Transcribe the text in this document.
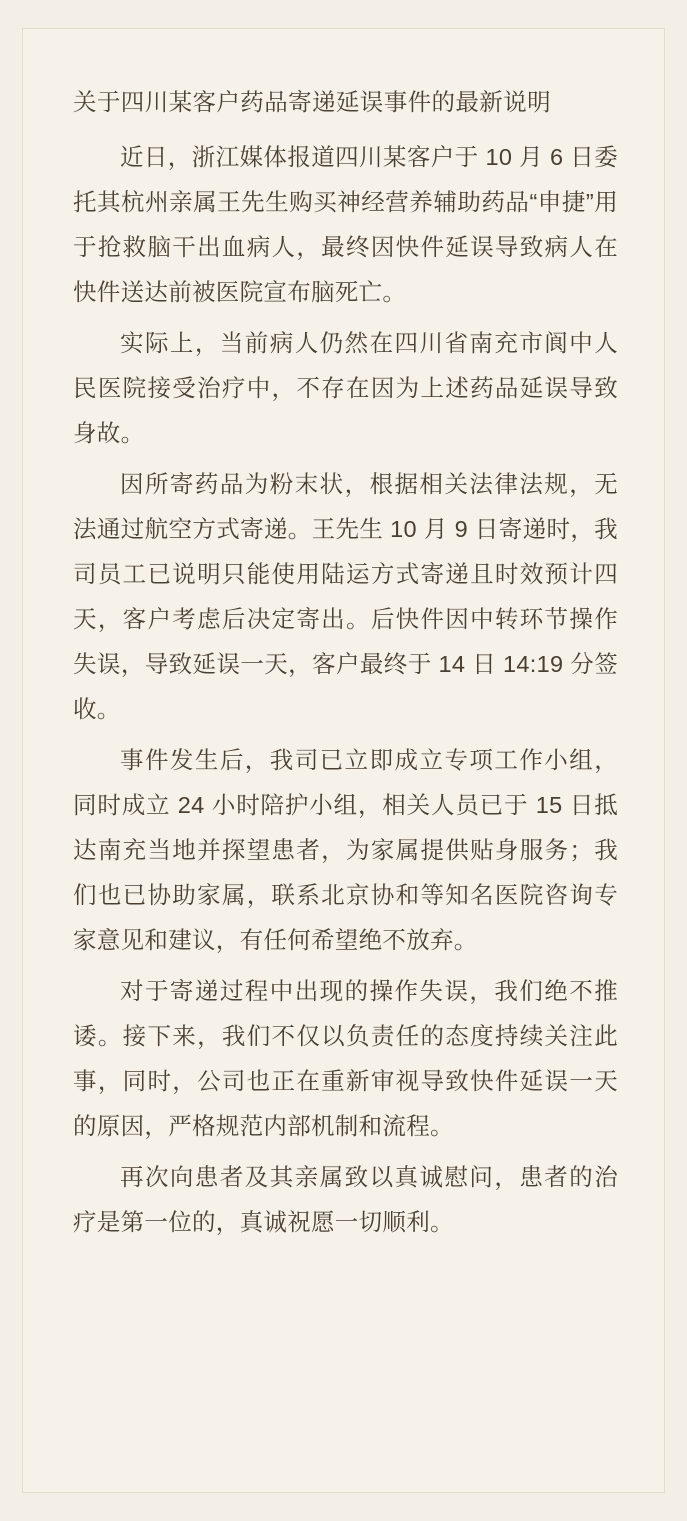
关于四川某客户药品寄递延误事件的最新说明

近日，浙江媒体报道四川某客户于 10 月 6 日委托其杭州亲属王先生购买神经营养辅助药品“申捷”用于抢救脑干出血病人，最终因快件延误导致病人在快件送达前被医院宣布脑死亡。

实际上，当前病人仍然在四川省南充市阆中人民医院接受治疗中，不存在因为上述药品延误导致身故。

因所寄药品为粉末状，根据相关法律法规，无法通过航空方式寄递。王先生 10 月 9 日寄递时，我司员工已说明只能使用陆运方式寄递且时效预计四天，客户考虑后决定寄出。后快件因中转环节操作失误，导致延误一天，客户最终于 14 日 14:19 分签收。

事件发生后，我司已立即成立专项工作小组，同时成立 24 小时陪护小组，相关人员已于 15 日抵达南充当地并探望患者，为家属提供贴身服务；我们也已协助家属，联系北京协和等知名医院咨询专家意见和建议，有任何希望绝不放弃。

对于寄递过程中出现的操作失误，我们绝不推诿。接下来，我们不仅以负责任的态度持续关注此事，同时，公司也正在重新审视导致快件延误一天的原因，严格规范内部机制和流程。

再次向患者及其亲属致以真诚慰问，患者的治疗是第一位的，真诚祝愿一切顺利。
